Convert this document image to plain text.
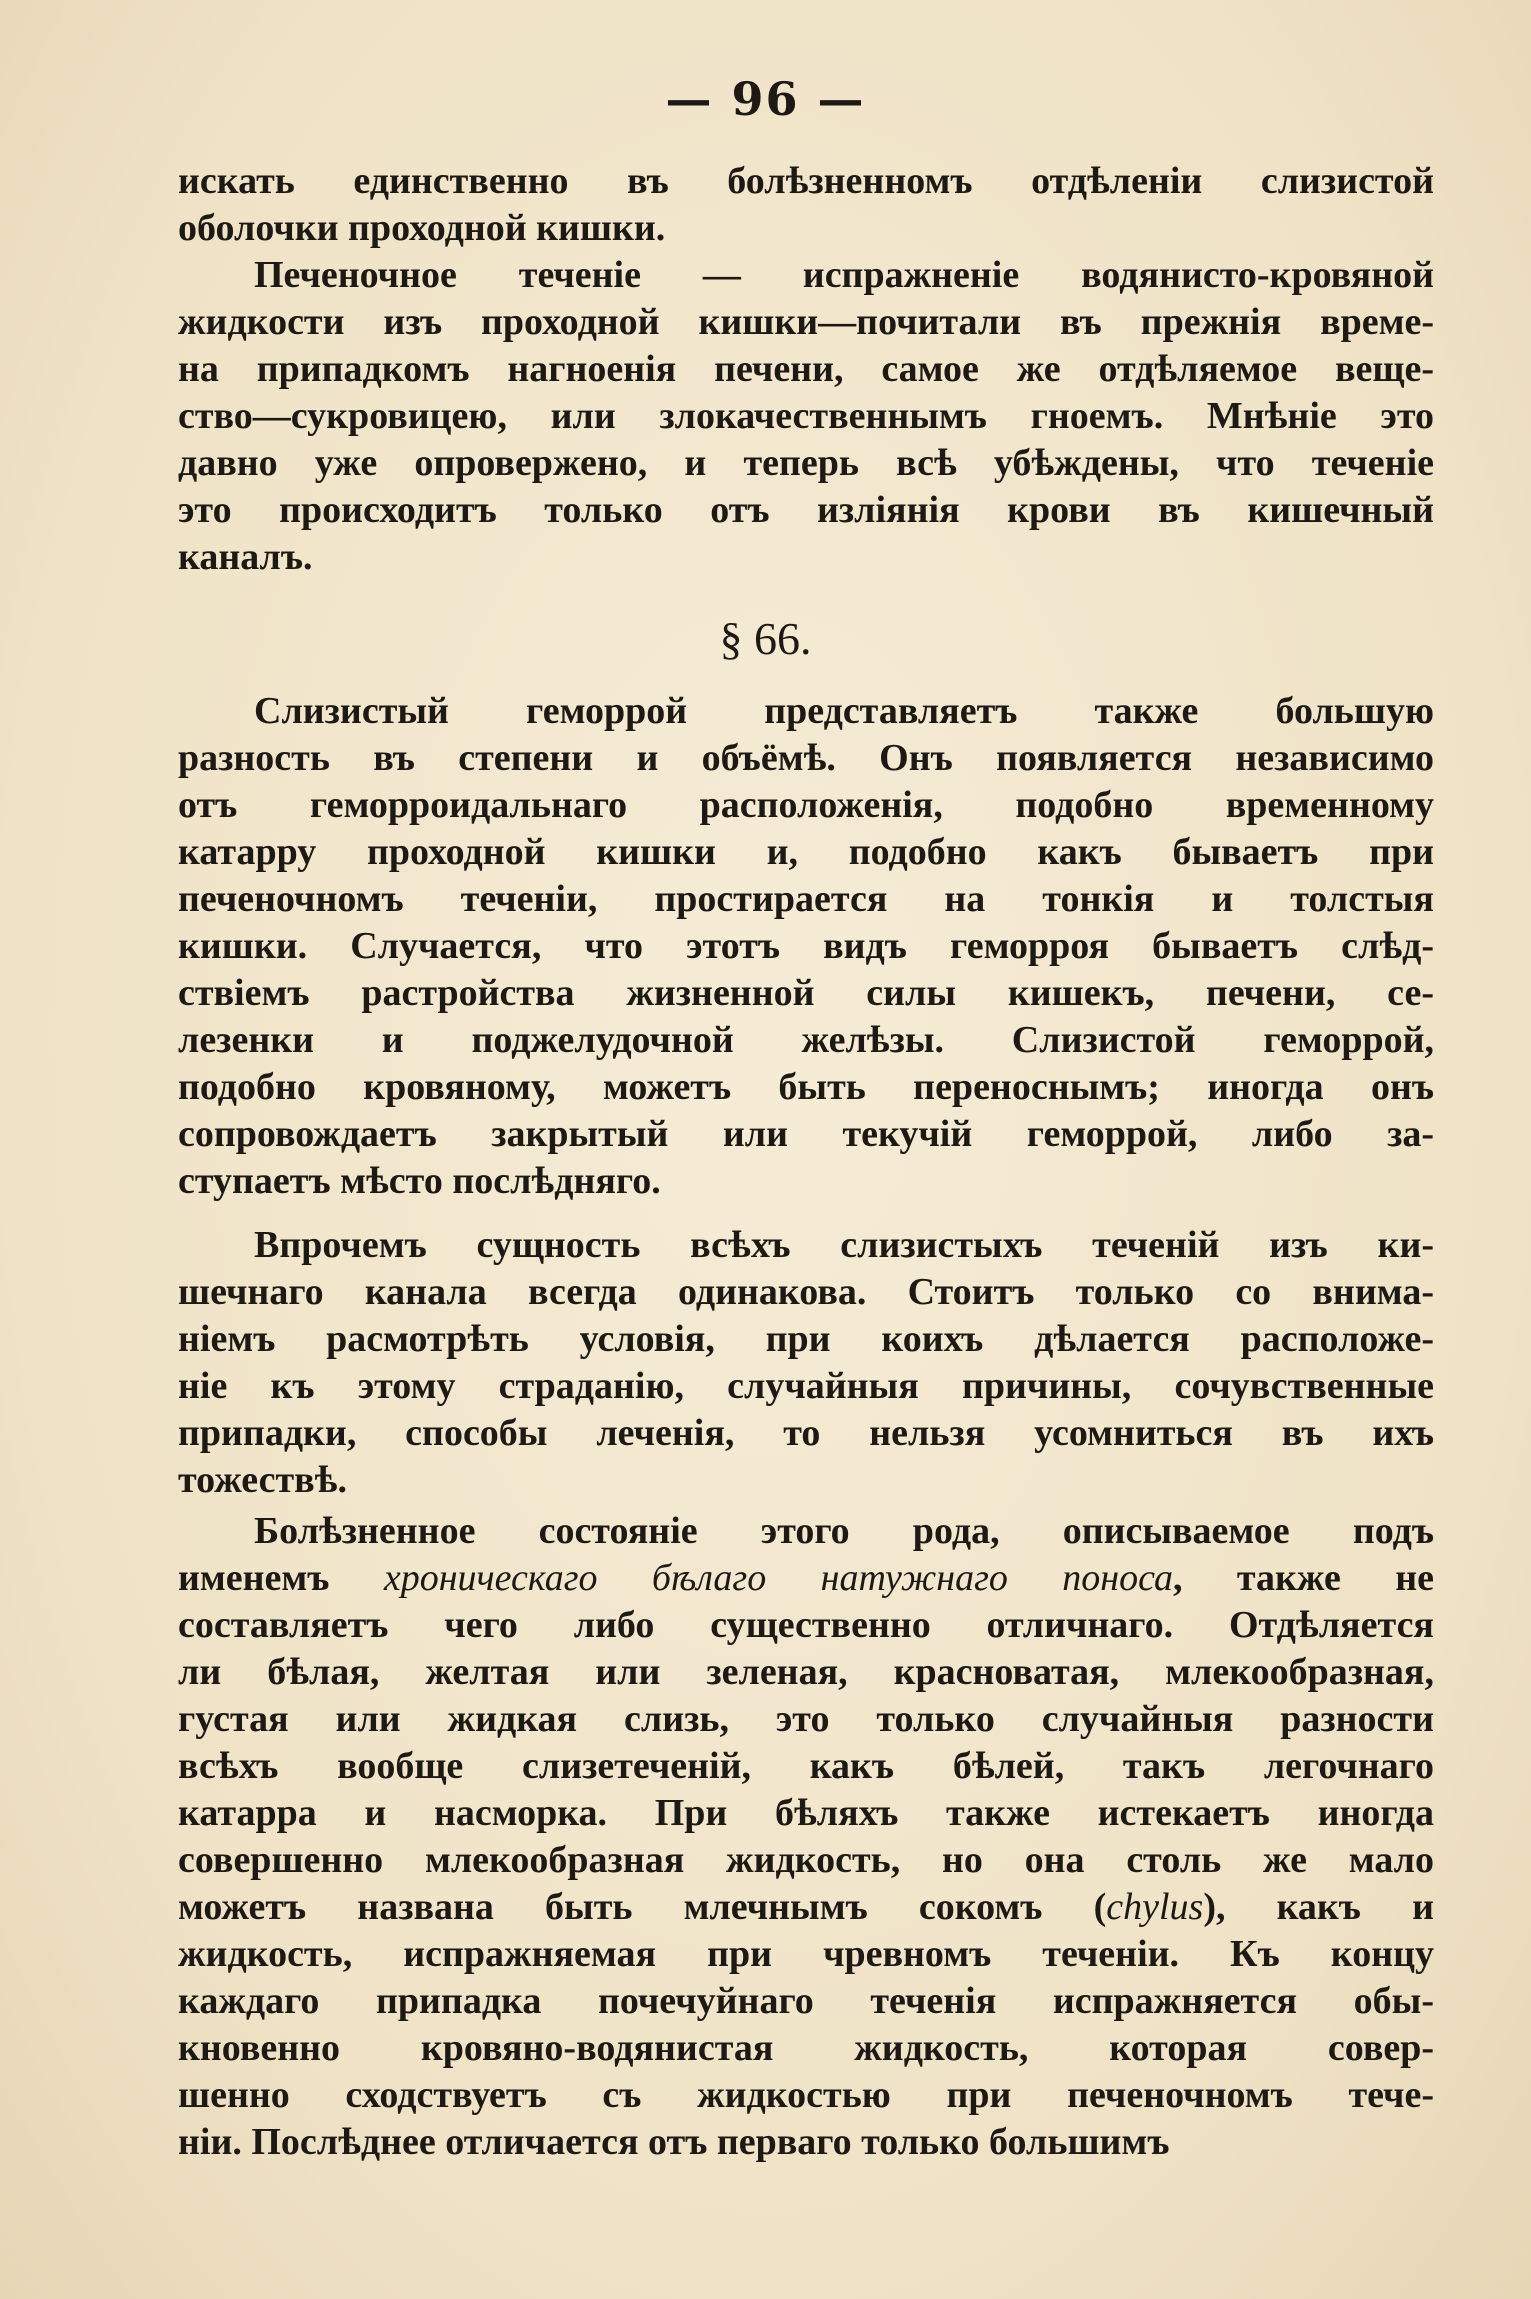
— 96 —
искать единственно въ болѣзненномъ отдѣленіи слизистой
оболочки проходной кишки.
Печеночное теченіе — испражненіе водянисто-кровяной
жидкости изъ проходной кишки—почитали въ прежнія време-
на припадкомъ нагноенія печени, самое же отдѣляемое веще-
ство—сукровицею, или злокачественнымъ гноемъ. Мнѣніе это
давно уже опровержено, и теперь всѣ убѣждены, что теченіе
это происходитъ только отъ изліянія крови въ кишечный
каналъ.
§ 66.
Слизистый геморрой представляетъ также большую
разность въ степени и объёмѣ. Онъ появляется независимо
отъ геморроидальнаго расположенія, подобно временному
катарру проходной кишки и, подобно какъ бываетъ при
печеночномъ теченіи, простирается на тонкія и толстыя
кишки. Случается, что этотъ видъ геморроя бываетъ слѣд-
ствіемъ растройства жизненной силы кишекъ, печени, се-
лезенки и поджелудочной желѣзы. Слизистой геморрой,
подобно кровяному, можетъ быть переноснымъ; иногда онъ
сопровождаетъ закрытый или текучій геморрой, либо за-
ступаетъ мѣсто послѣдняго.
Впрочемъ сущность всѣхъ слизистыхъ теченій изъ ки-
шечнаго канала всегда одинакова. Стоитъ только со внима-
ніемъ расмотрѣть условія, при коихъ дѣлается расположе-
ніе къ этому страданію, случайныя причины, сочувственные
припадки, способы леченія, то нельзя усомниться въ ихъ
тожествѣ.
Болѣзненное состояніе этого рода, описываемое подъ
именемъ хроническаго бѣлаго натужнаго поноса, также не
составляетъ чего либо существенно отличнаго. Отдѣляется
ли бѣлая, желтая или зеленая, красноватая, млекообразная,
густая или жидкая слизь, это только случайныя разности
всѣхъ вообще слизетеченій, какъ бѣлей, такъ легочнаго
катарра и насморка. При бѣляхъ также истекаетъ иногда
совершенно млекообразная жидкость, но она столь же мало
можетъ названа быть млечнымъ сокомъ (chylus), какъ и
жидкость, испражняемая при чревномъ теченіи. Къ концу
каждаго припадка почечуйнаго теченія испражняется обы-
кновенно кровяно-водянистая жидкость, которая совер-
шенно сходствуетъ съ жидкостью при печеночномъ тече-
ніи. Послѣднее отличается отъ перваго только большимъ
